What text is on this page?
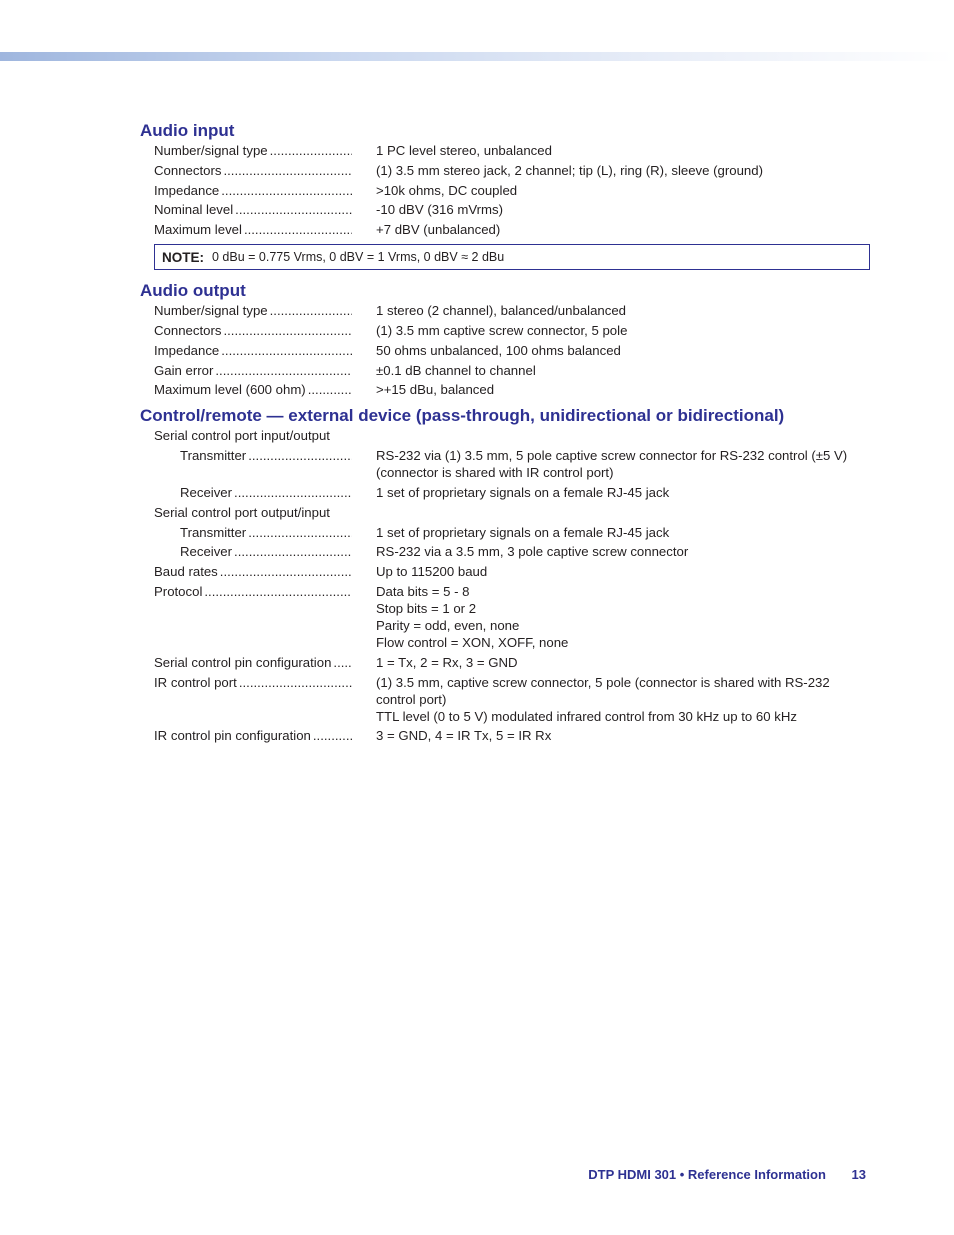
Audio input
Number/signal type .....	1 PC level stereo, unbalanced
Connectors .....	(1) 3.5 mm stereo jack, 2 channel; tip (L), ring (R), sleeve (ground)
Impedance .....	>10k ohms, DC coupled
Nominal level .....	-10 dBV (316 mVrms)
Maximum level .....	+7 dBV (unbalanced)
NOTE: 0 dBu = 0.775 Vrms, 0 dBV = 1 Vrms, 0 dBV ≈ 2 dBu
Audio output
Number/signal type .....	1 stereo (2 channel), balanced/unbalanced
Connectors .....	(1) 3.5 mm captive screw connector, 5 pole
Impedance .....	50 ohms unbalanced, 100 ohms balanced
Gain error .....	±0.1 dB channel to channel
Maximum level (600 ohm) .....	>+15 dBu, balanced
Control/remote — external device (pass-through, unidirectional or bidirectional)
Serial control port input/output
Transmitter .....	RS-232 via (1) 3.5 mm, 5 pole captive screw connector for RS-232 control (±5 V)
(connector is shared with IR control port)
Receiver .....	1 set of proprietary signals on a female RJ-45 jack
Serial control port output/input
Transmitter .....	1 set of proprietary signals on a female RJ-45 jack
Receiver .....	RS-232 via a 3.5 mm, 3 pole captive screw connector
Baud rates .....	Up to 115200 baud
Protocol .....	Data bits = 5 - 8
Stop bits = 1 or 2
Parity = odd, even, none
Flow control = XON, XOFF, none
Serial control pin configuration .....	1 = Tx, 2 = Rx, 3 = GND
IR control port .....	(1) 3.5 mm, captive screw connector, 5 pole (connector is shared with RS-232
control port)
TTL level (0 to 5 V) modulated infrared control from 30 kHz up to 60 kHz
IR control pin configuration .....	3 = GND, 4 = IR Tx, 5 = IR Rx
DTP HDMI 301 • Reference Information 13
